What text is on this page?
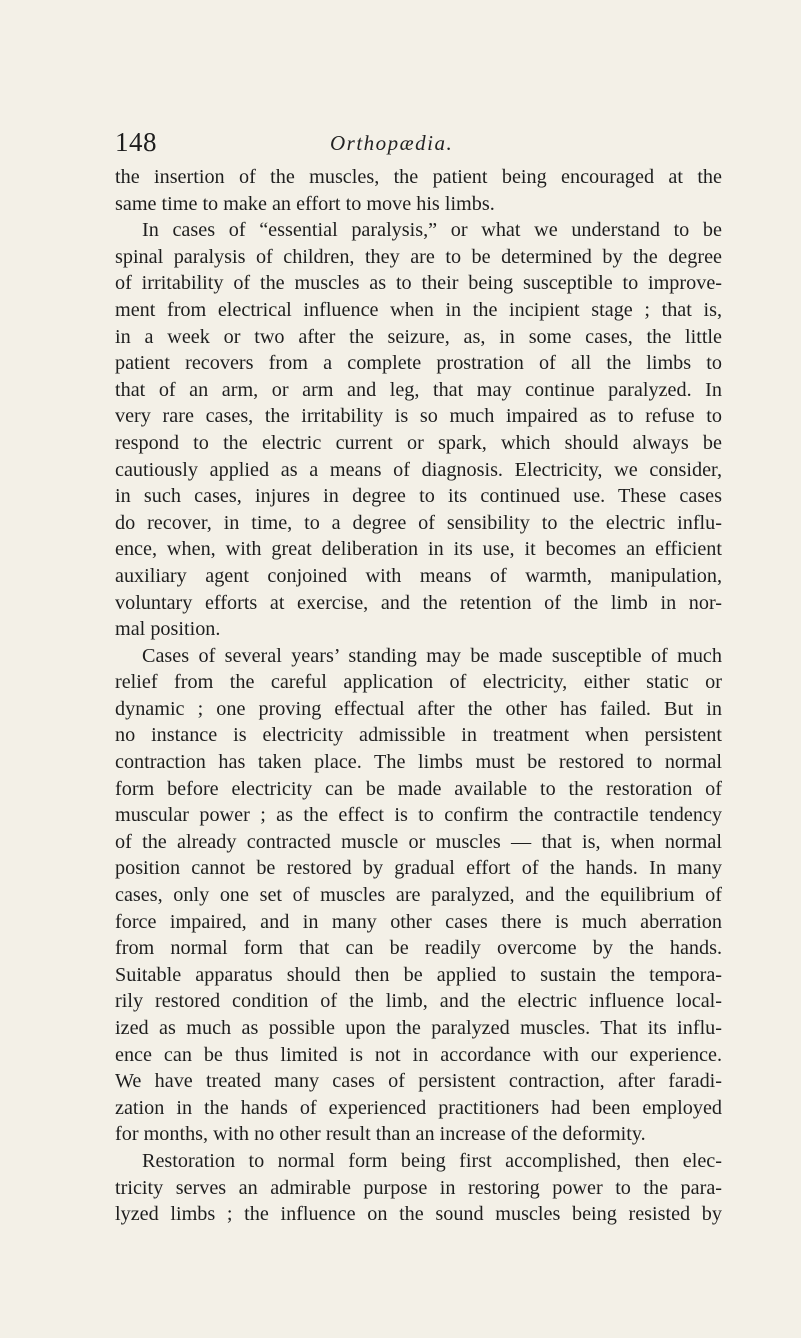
148	Orthopædia.
the insertion of the muscles, the patient being encouraged at the
same time to make an effort to move his limbs.
In cases of “essential paralysis,” or what we understand to be
spinal paralysis of children, they are to be determined by the degree
of irritability of the muscles as to their being susceptible to improve-
ment from electrical influence when in the incipient stage ; that is,
in a week or two after the seizure, as, in some cases, the little
patient recovers from a complete prostration of all the limbs to
that of an arm, or arm and leg, that may continue paralyzed. In
very rare cases, the irritability is so much impaired as to refuse to
respond to the electric current or spark, which should always be
cautiously applied as a means of diagnosis. Electricity, we consider,
in such cases, injures in degree to its continued use. These cases
do recover, in time, to a degree of sensibility to the electric influ-
ence, when, with great deliberation in its use, it becomes an efficient
auxiliary agent conjoined with means of warmth, manipulation,
voluntary efforts at exercise, and the retention of the limb in nor-
mal position.
Cases of several years’ standing may be made susceptible of much
relief from the careful application of electricity, either static or
dynamic ; one proving effectual after the other has failed. But in
no instance is electricity admissible in treatment when persistent
contraction has taken place. The limbs must be restored to normal
form before electricity can be made available to the restoration of
muscular power ; as the effect is to confirm the contractile tendency
of the already contracted muscle or muscles — that is, when normal
position cannot be restored by gradual effort of the hands. In many
cases, only one set of muscles are paralyzed, and the equilibrium of
force impaired, and in many other cases there is much aberration
from normal form that can be readily overcome by the hands.
Suitable apparatus should then be applied to sustain the tempora-
rily restored condition of the limb, and the electric influence local-
ized as much as possible upon the paralyzed muscles. That its influ-
ence can be thus limited is not in accordance with our experience.
We have treated many cases of persistent contraction, after faradi-
zation in the hands of experienced practitioners had been employed
for months, with no other result than an increase of the deformity.
Restoration to normal form being first accomplished, then elec-
tricity serves an admirable purpose in restoring power to the para-
lyzed limbs ; the influence on the sound muscles being resisted by
